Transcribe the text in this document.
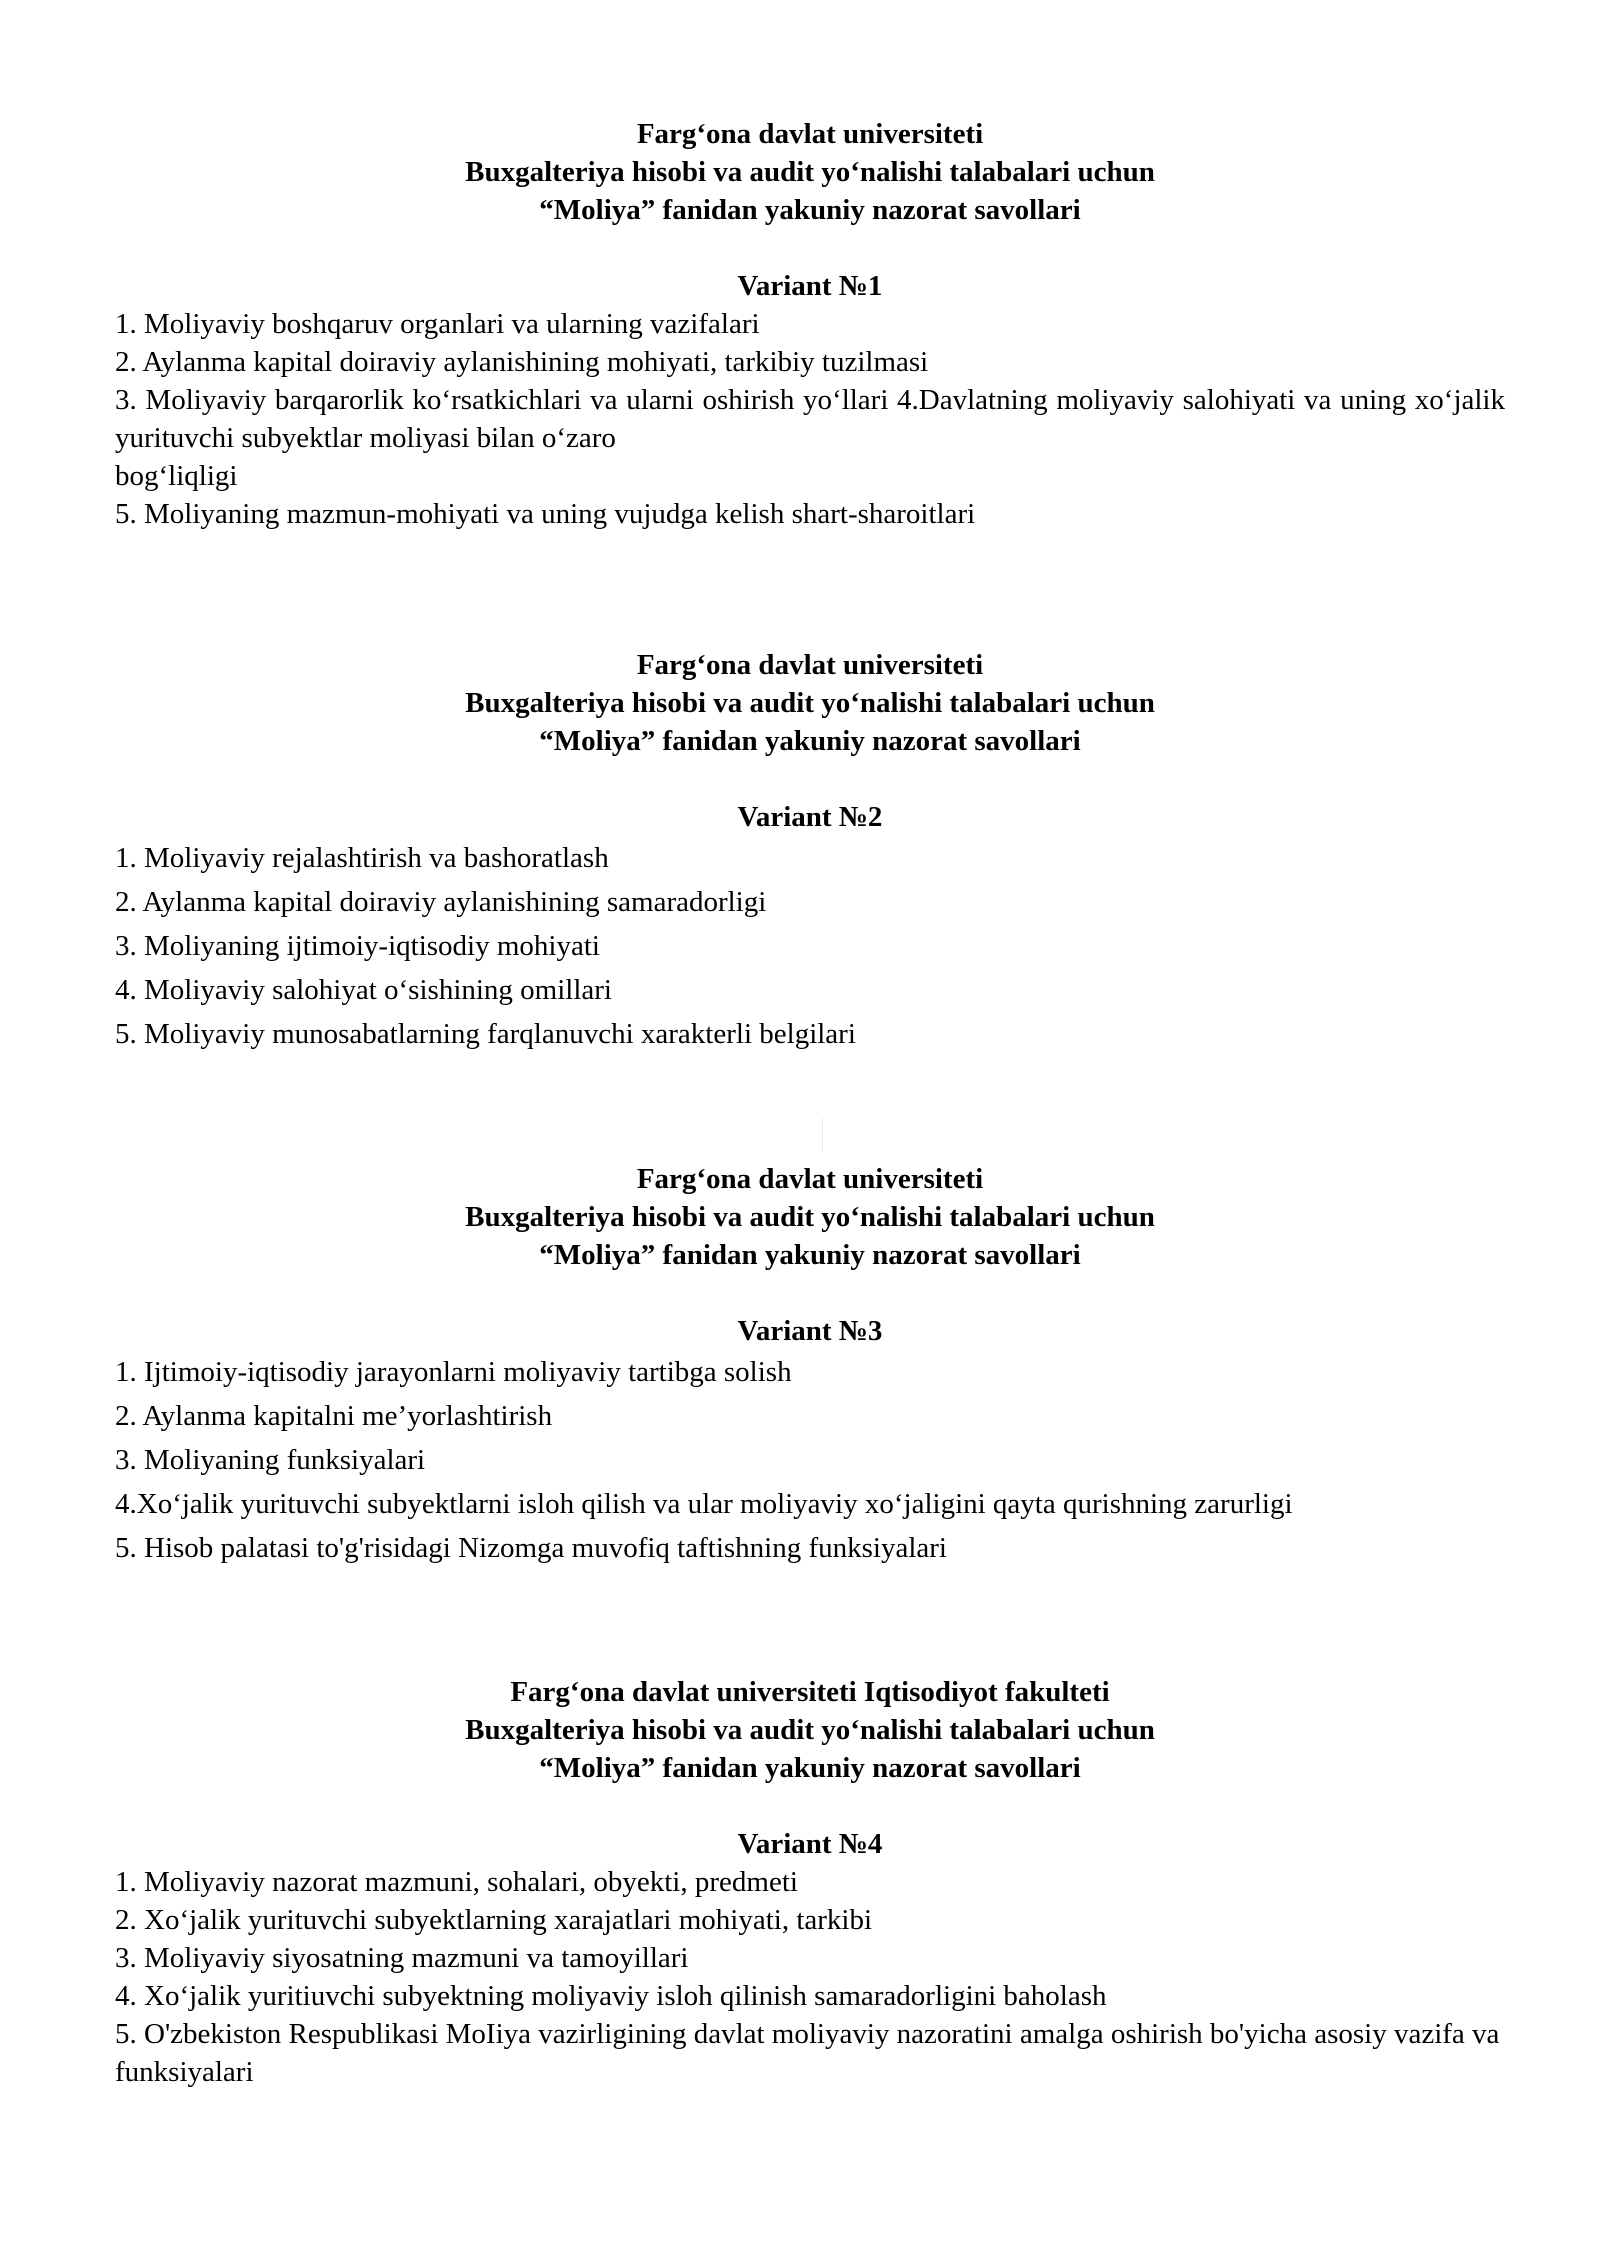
Farg‘ona davlat universiteti
Buxgalteriya hisobi va audit yo‘nalishi talabalari uchun
“Moliya” fanidan yakuniy nazorat savollari
Variant №1
1. Moliyaviy boshqaruv organlari va ularning vazifalari
2. Aylanma kapital doiraviy aylanishining mohiyati, tarkibiy tuzilmasi
3. Moliyaviy barqarorlik ko‘rsatkichlari va ularni oshirish yo‘llari 4.Davlatning moliyaviy salohiyati va uning xo‘jalik yurituvchi subyektlar moliyasi bilan o‘zaro
bog‘liqligi
5. Moliyaning mazmun-mohiyati va uning vujudga kelish shart-sharoitlari
Farg‘ona davlat universiteti
Buxgalteriya hisobi va audit yo‘nalishi talabalari uchun
“Moliya” fanidan yakuniy nazorat savollari
Variant №2
1. Moliyaviy rejalashtirish va bashoratlash
2. Aylanma kapital doiraviy aylanishining samaradorligi
3. Moliyaning ijtimoiy-iqtisodiy mohiyati
4. Moliyaviy salohiyat o‘sishining omillari
5. Moliyaviy munosabatlarning farqlanuvchi xarakterli belgilari
Farg‘ona davlat universiteti
Buxgalteriya hisobi va audit yo‘nalishi talabalari uchun
“Moliya” fanidan yakuniy nazorat savollari
Variant №3
1. Ijtimoiy-iqtisodiy jarayonlarni moliyaviy tartibga solish
2. Aylanma kapitalni me’yorlashtirish
3. Moliyaning funksiyalari
4.Xo‘jalik yurituvchi subyektlarni isloh qilish va ular moliyaviy xo‘jaligini qayta qurishning zarurligi
5. Hisob palatasi to'g'risidagi Nizomga muvofiq taftishning funksiyalari
Farg‘ona davlat universiteti Iqtisodiyot fakulteti
Buxgalteriya hisobi va audit yo‘nalishi talabalari uchun
“Moliya” fanidan yakuniy nazorat savollari
Variant №4
1. Moliyaviy nazorat mazmuni, sohalari, obyekti, predmeti
2. Xo‘jalik yurituvchi subyektlarning xarajatlari mohiyati, tarkibi
3. Moliyaviy siyosatning mazmuni va tamoyillari
4. Xo‘jalik yuritiuvchi subyektning moliyaviy isloh qilinish samaradorligini baholash
5. O'zbekiston Respublikasi MoIiya vazirligining davlat moliyaviy nazoratini amalga oshirish bo'yicha asosiy vazifa va funksiyalari
